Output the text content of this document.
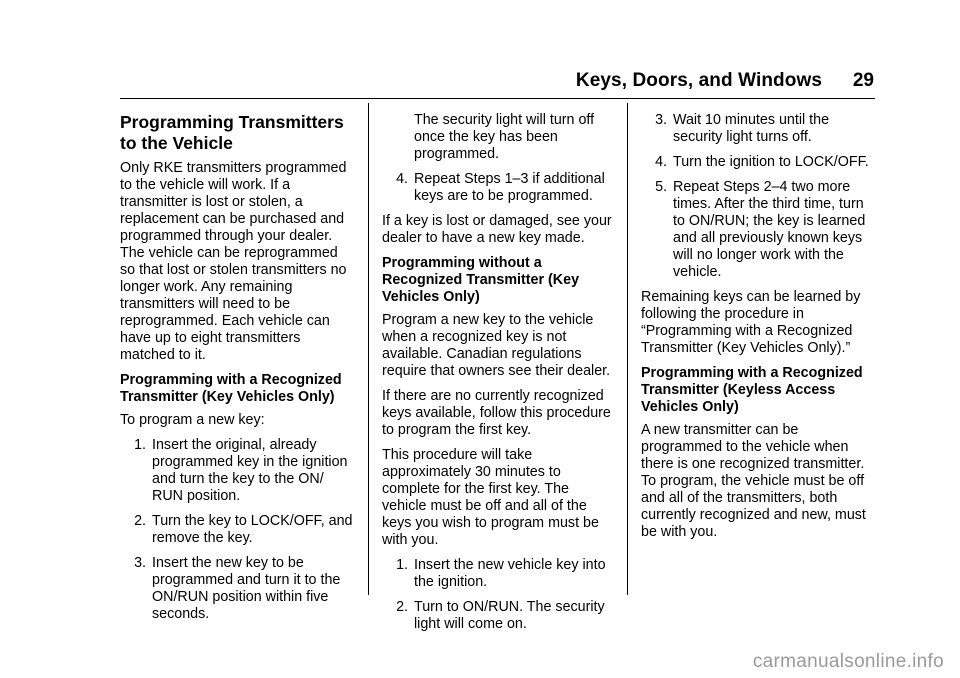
Keys, Doors, and Windows 29
Programming Transmitters to the Vehicle

Only RKE transmitters programmed to the vehicle will work. If a transmitter is lost or stolen, a replacement can be purchased and programmed through your dealer. The vehicle can be reprogrammed so that lost or stolen transmitters no longer work. Any remaining transmitters will need to be reprogrammed. Each vehicle can have up to eight transmitters matched to it.

Programming with a Recognized Transmitter (Key Vehicles Only)

To program a new key:

1. Insert the original, already programmed key in the ignition and turn the key to the ON/ RUN position.
2. Turn the key to LOCK/OFF, and remove the key.
3. Insert the new key to be programmed and turn it to the ON/RUN position within five seconds.
The security light will turn off once the key has been programmed.
4. Repeat Steps 1–3 if additional keys are to be programmed.

If a key is lost or damaged, see your dealer to have a new key made.

Programming without a Recognized Transmitter (Key Vehicles Only)

Program a new key to the vehicle when a recognized key is not available. Canadian regulations require that owners see their dealer.

If there are no currently recognized keys available, follow this procedure to program the first key.

This procedure will take approximately 30 minutes to complete for the first key. The vehicle must be off and all of the keys you wish to program must be with you.

1. Insert the new vehicle key into the ignition.
2. Turn to ON/RUN. The security light will come on.
3. Wait 10 minutes until the security light turns off.
4. Turn the ignition to LOCK/OFF.
5. Repeat Steps 2–4 two more times. After the third time, turn to ON/RUN; the key is learned and all previously known keys will no longer work with the vehicle.

Remaining keys can be learned by following the procedure in “Programming with a Recognized Transmitter (Key Vehicles Only).”

Programming with a Recognized Transmitter (Keyless Access Vehicles Only)

A new transmitter can be programmed to the vehicle when there is one recognized transmitter. To program, the vehicle must be off and all of the transmitters, both currently recognized and new, must be with you.

carmanualsonline.info
